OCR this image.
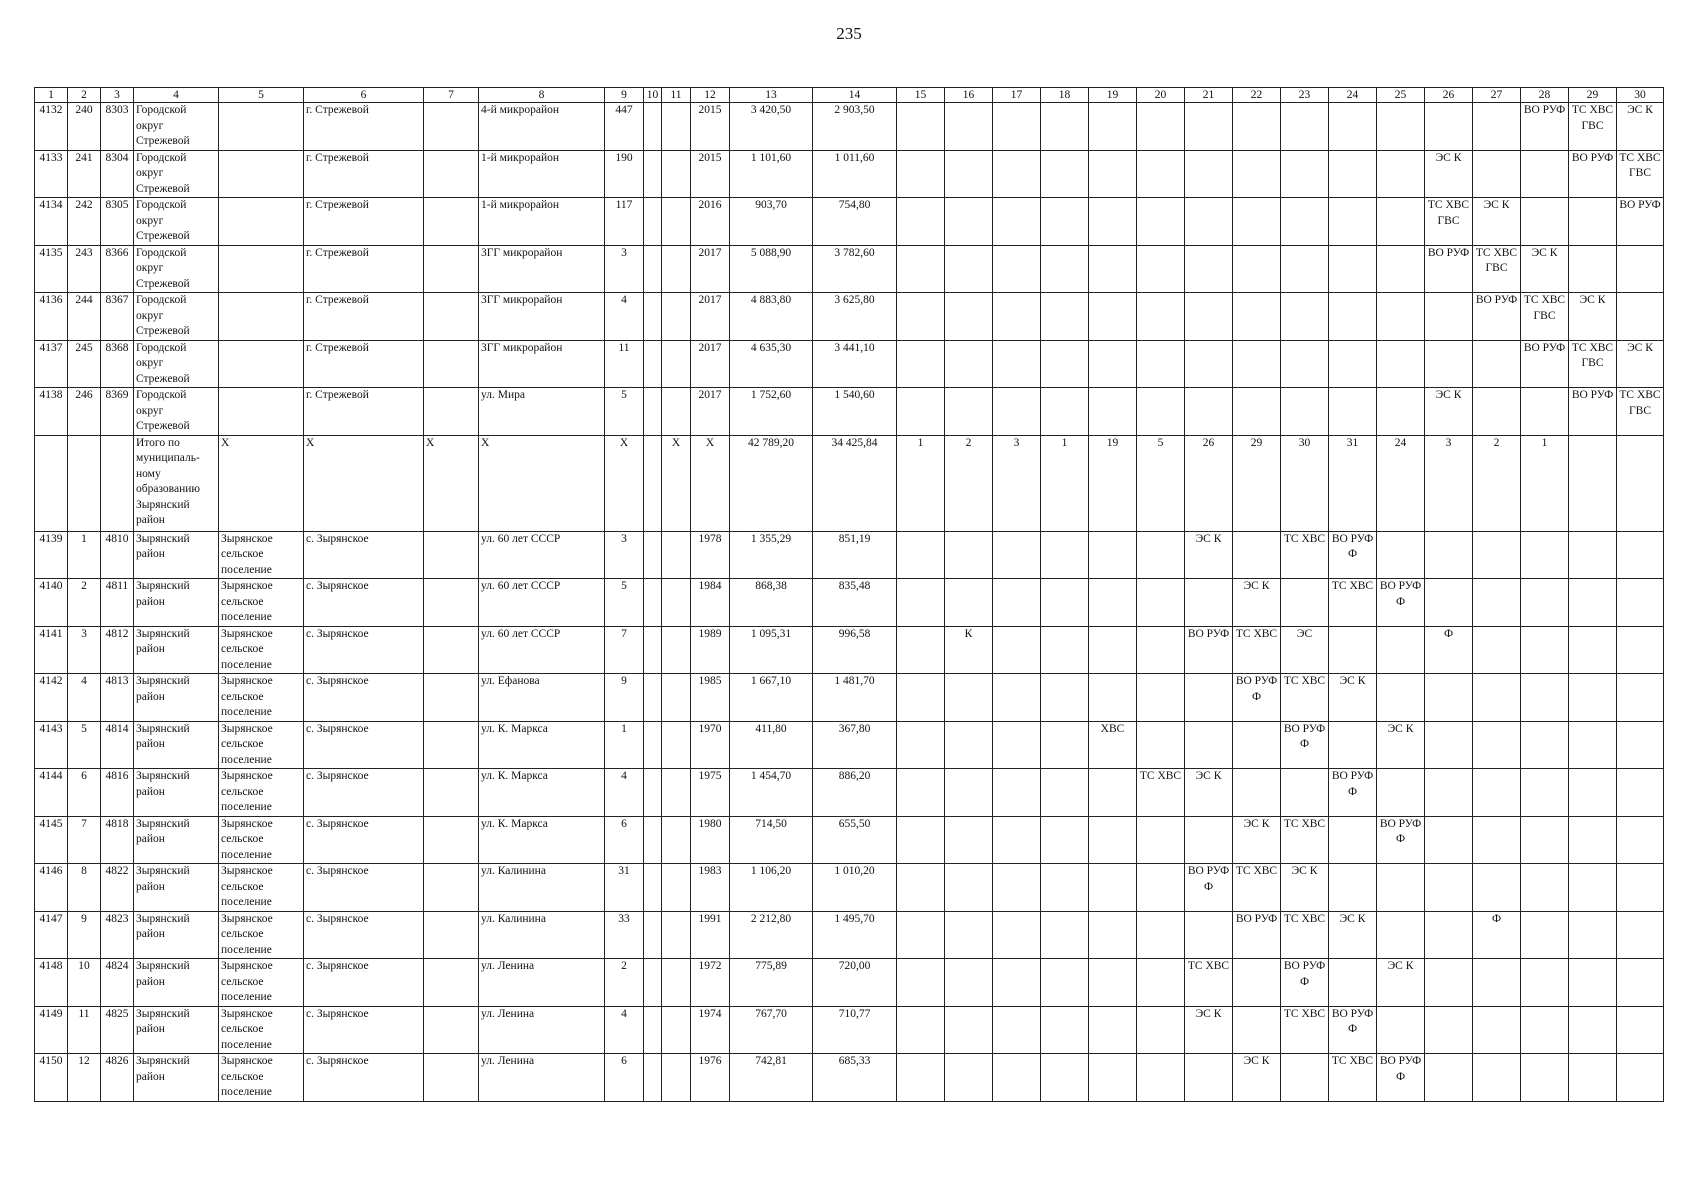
235
1	2	3	4	5	6	7	8	9	10	11	12	13	14	15	16	17	18	19	20	21	22	23	24	25	26	27	28	29	30
4132	240	8303	Городской округ Стрежевой		г. Стрежевой		4-й микрорайон	447			2015	3 420,50	2 903,50														ВО РУФ	ТС ХВС ГВС	ЭС К
4133	241	8304	Городской округ Стрежевой		г. Стрежевой		1-й микрорайон	190			2015	1 101,60	1 011,60												ЭС К			ВО РУФ	ТС ХВС ГВС
4134	242	8305	Городской округ Стрежевой		г. Стрежевой		1-й микрорайон	117			2016	903,70	754,80												ТС ХВС ГВС	ЭС К			ВО РУФ
4135	243	8366	Городской округ Стрежевой		г. Стрежевой		3ГГ микрорайон	3			2017	5 088,90	3 782,60												ВО РУФ	ТС ХВС ГВС	ЭС К		
4136	244	8367	Городской округ Стрежевой		г. Стрежевой		3ГГ микрорайон	4			2017	4 883,80	3 625,80													ВО РУФ	ТС ХВС ГВС	ЭС К	
4137	245	8368	Городской округ Стрежевой		г. Стрежевой		3ГГ микрорайон	11			2017	4 635,30	3 441,10														ВО РУФ	ТС ХВС ГВС	ЭС К
4138	246	8369	Городской округ Стрежевой		г. Стрежевой		ул. Мира	5			2017	1 752,60	1 540,60												ЭС К			ВО РУФ	ТС ХВС ГВС
			Итого по муниципаль-ному образованию Зырянский район	Х	Х	Х	Х	Х		Х	Х	42 789,20	34 425,84	1	2	3	1	19	5	26	29	30	31	24	3	2	1		
4139	1	4810	Зырянский район	Зырянское сельское поселение	с. Зырянское		ул. 60 лет СССР	3			1978	1 355,29	851,19							ЭС К		ТС ХВС	ВО РУФ Ф						
4140	2	4811	Зырянский район	Зырянское сельское поселение	с. Зырянское		ул. 60 лет СССР	5			1984	868,38	835,48								ЭС К		ТС ХВС	ВО РУФ Ф					
4141	3	4812	Зырянский район	Зырянское сельское поселение	с. Зырянское		ул. 60 лет СССР	7			1989	1 095,31	996,58		К					ВО РУФ	ТС ХВС	ЭС			Ф				
4142	4	4813	Зырянский район	Зырянское сельское поселение	с. Зырянское		ул. Ефанова	9			1985	1 667,10	1 481,70								ВО РУФ Ф	ТС ХВС	ЭС К						
4143	5	4814	Зырянский район	Зырянское сельское поселение	с. Зырянское		ул. К. Маркса	1			1970	411,80	367,80					ХВС				ВО РУФ Ф		ЭС К					
4144	6	4816	Зырянский район	Зырянское сельское поселение	с. Зырянское		ул. К. Маркса	4			1975	1 454,70	886,20						ТС ХВС	ЭС К			ВО РУФ Ф						
4145	7	4818	Зырянский район	Зырянское сельское поселение	с. Зырянское		ул. К. Маркса	6			1980	714,50	655,50								ЭС К	ТС ХВС		ВО РУФ Ф					
4146	8	4822	Зырянский район	Зырянское сельское поселение	с. Зырянское		ул. Калинина	31			1983	1 106,20	1 010,20							ВО РУФ Ф	ТС ХВС	ЭС К							
4147	9	4823	Зырянский район	Зырянское сельское поселение	с. Зырянское		ул. Калинина	33			1991	2 212,80	1 495,70								ВО РУФ	ТС ХВС	ЭС К			Ф			
4148	10	4824	Зырянский район	Зырянское сельское поселение	с. Зырянское		ул. Ленина	2			1972	775,89	720,00							ТС ХВС		ВО РУФ Ф		ЭС К					
4149	11	4825	Зырянский район	Зырянское сельское поселение	с. Зырянское		ул. Ленина	4			1974	767,70	710,77							ЭС К		ТС ХВС	ВО РУФ Ф						
4150	12	4826	Зырянский район	Зырянское сельское поселение	с. Зырянское		ул. Ленина	6			1976	742,81	685,33								ЭС К		ТС ХВС	ВО РУФ Ф					
